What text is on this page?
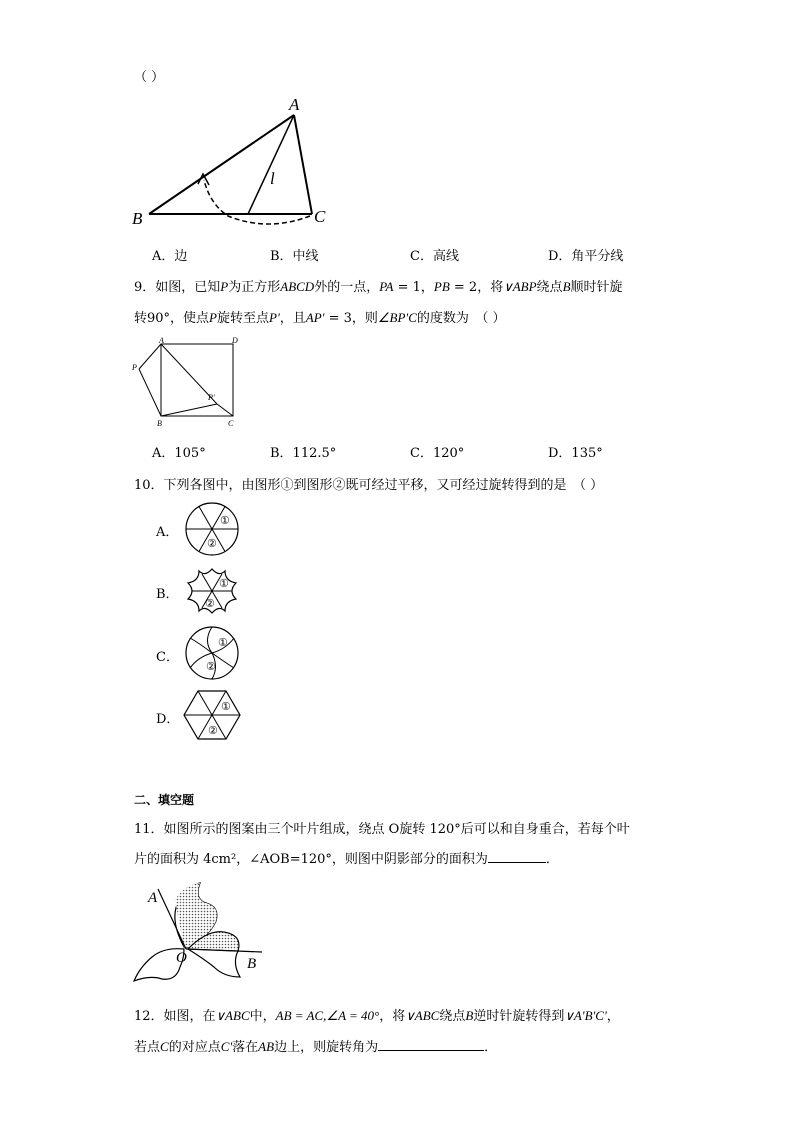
（ ）
A
B	C
l
A．边	B．中线	C．高线	D．角平分线
9．如图，已知P为正方形ABCD外的一点，PA = 1，PB = 2，将∨ABP绕点B顺时针旋
转90°，使点P旋转至点P'，且AP' = 3，则∠BP'C的度数为　（ ）
A	D
P
P'
B	C
A．105°	B．112.5°	C．120°	D．135°
10．下列各图中，由图形①到图形②既可经过平移，又可经过旋转得到的是　（ ）
A．
①
②
B．
①
②
C．
①
②
D．
①
②
二、填空题
11．如图所示的图案由三个叶片组成，绕点 O旋转 120°后可以和自身重合，若每个叶
片的面积为 4cm²，∠AOB=120°，则图中阴影部分的面积为	．
A
O	B
12．如图，在∨ABC中，AB = AC,∠A = 40°，将∨ABC绕点B逆时针旋转得到∨A'B'C'，
若点C的对应点C'落在AB边上，则旋转角为	．
